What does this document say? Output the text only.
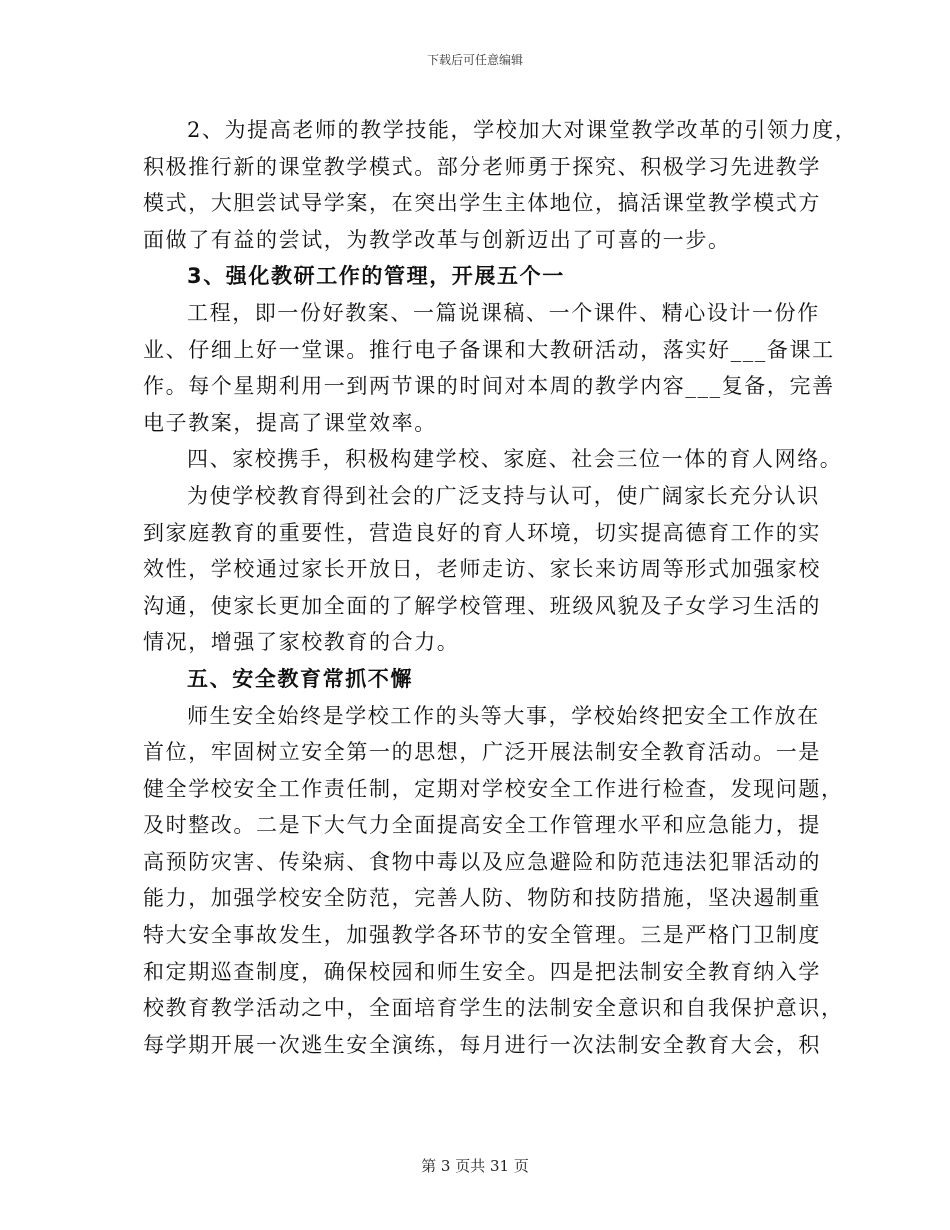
下载后可任意编辑
2、为提高老师的教学技能，学校加大对课堂教学改革的引领力度，
积极推行新的课堂教学模式。部分老师勇于探究、积极学习先进教学
模式，大胆尝试导学案，在突出学生主体地位，搞活课堂教学模式方
面做了有益的尝试，为教学改革与创新迈出了可喜的一步。
3、强化教研工作的管理，开展五个一
工程，即一份好教案、一篇说课稿、一个课件、精心设计一份作
业、仔细上好一堂课。推行电子备课和大教研活动，落实好___备课工
作。每个星期利用一到两节课的时间对本周的教学内容___复备，完善
电子教案，提高了课堂效率。
四、家校携手，积极构建学校、家庭、社会三位一体的育人网络。
为使学校教育得到社会的广泛支持与认可，使广阔家长充分认识
到家庭教育的重要性，营造良好的育人环境，切实提高德育工作的实
效性，学校通过家长开放日，老师走访、家长来访周等形式加强家校
沟通，使家长更加全面的了解学校管理、班级风貌及子女学习生活的
情况，增强了家校教育的合力。
五、安全教育常抓不懈
师生安全始终是学校工作的头等大事，学校始终把安全工作放在
首位，牢固树立安全第一的思想，广泛开展法制安全教育活动。一是
健全学校安全工作责任制，定期对学校安全工作进行检查，发现问题，
及时整改。二是下大气力全面提高安全工作管理水平和应急能力，提
高预防灾害、传染病、食物中毒以及应急避险和防范违法犯罪活动的
能力，加强学校安全防范，完善人防、物防和技防措施，坚决遏制重
特大安全事故发生，加强教学各环节的安全管理。三是严格门卫制度
和定期巡查制度，确保校园和师生安全。四是把法制安全教育纳入学
校教育教学活动之中，全面培育学生的法制安全意识和自我保护意识，
每学期开展一次逃生安全演练，每月进行一次法制安全教育大会，积
第 3 页共 31 页
